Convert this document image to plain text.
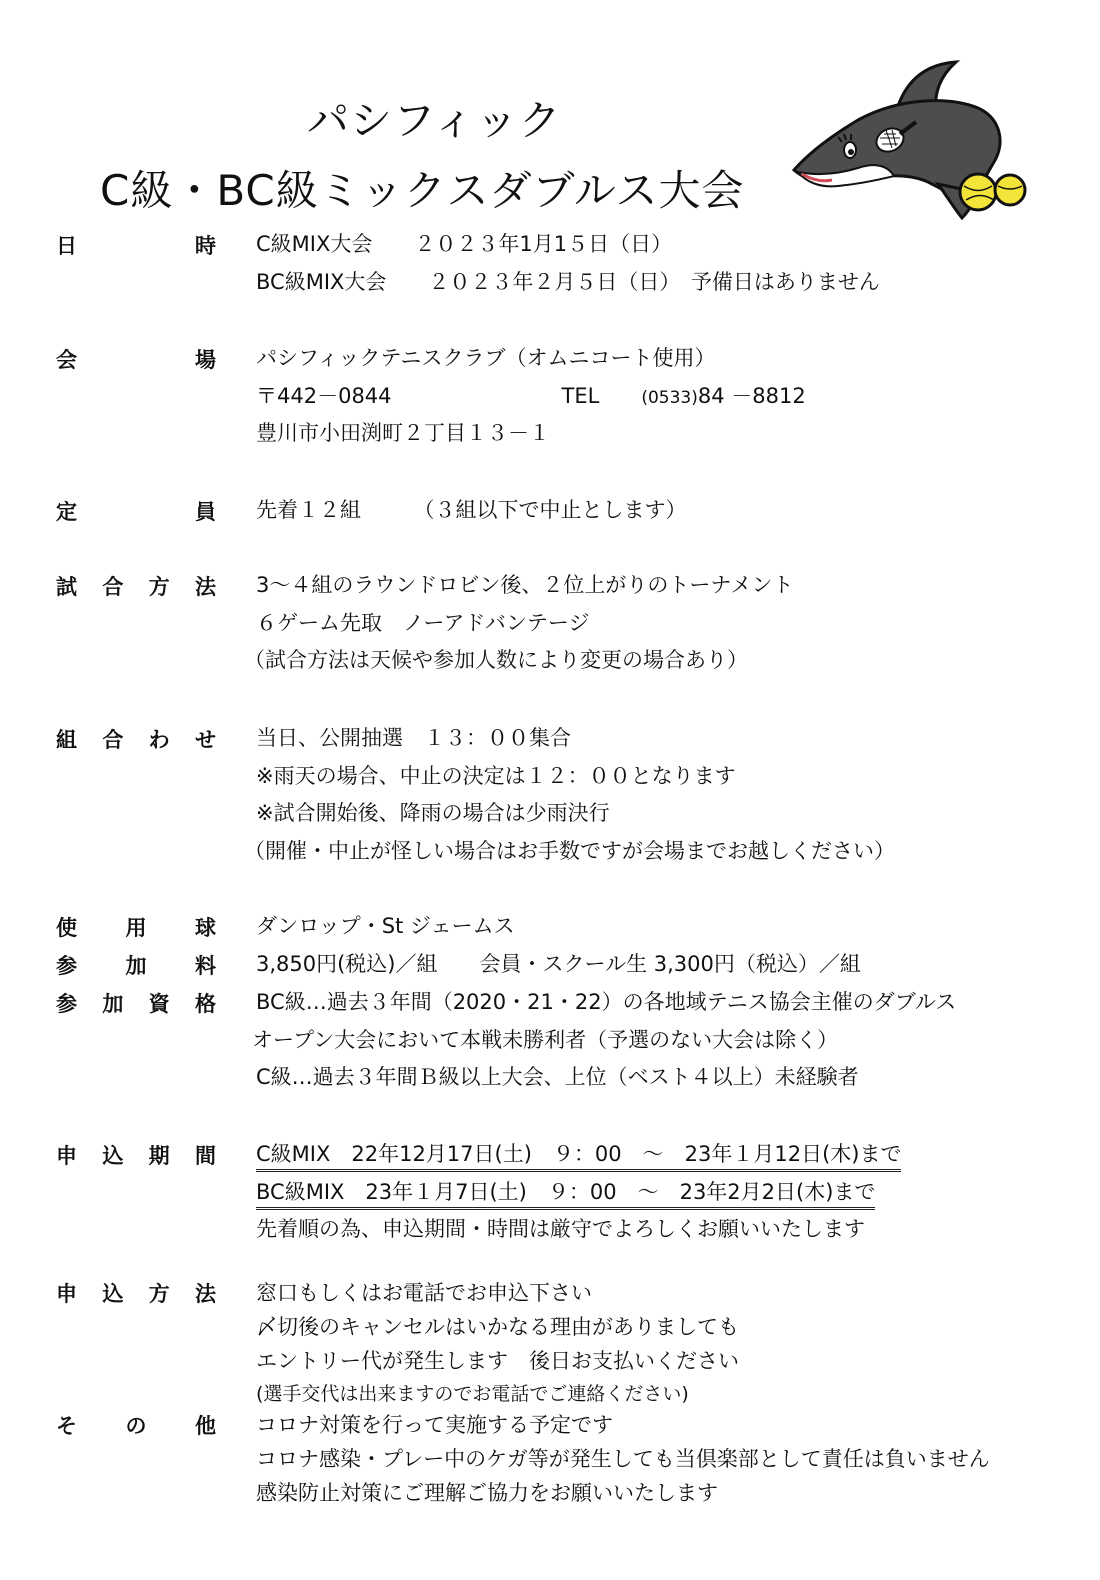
パシフィック
C級・BC級ミックスダブルス大会
日時 C級MIX大会　　２０２３年1月1５日（日）
BC級MIX大会　　２０２３年２月５日（日）　予備日はありません
会場 パシフィックテニスクラブ（オムニコート使用）
〒442－0844	TEL (0533)84 －8812
豊川市小田渕町２丁目１３－１
定員 先着１２組　　　（３組以下で中止とします）
試合方法 3～４組のラウンドロビン後、２位上がりのトーナメント
６ゲーム先取　ノーアドバンテージ
（試合方法は天候や参加人数により変更の場合あり）
組合わせ 当日、公開抽選　１３：００集合
※雨天の場合、中止の決定は１２：００となります
※試合開始後、降雨の場合は少雨決行
（開催・中止が怪しい場合はお手数ですが会場までお越しください）
使用球 ダンロップ・St ジェームス
参加料 3,850円(税込)／組　　会員・スクール生 3,300円（税込）／組
参加資格 BC級…過去３年間（2020・21・22）の各地域テニス協会主催のダブルス
オープン大会において本戦未勝利者（予選のない大会は除く）
C級…過去３年間Ｂ級以上大会、上位（ベスト４以上）未経験者
申込期間 C級MIX　22年12月17日(土)　９：00　～　23年１月12日(木)まで
BC級MIX　23年１月7日(土)　９：00　～　23年2月2日(木)まで
先着順の為、申込期間・時間は厳守でよろしくお願いいたします
申込方法 窓口もしくはお電話でお申込下さい
〆切後のキャンセルはいかなる理由がありましても
エントリー代が発生します　後日お支払いください
(選手交代は出来ますのでお電話でご連絡ください)
その他 コロナ対策を行って実施する予定です
コロナ感染・プレー中のケガ等が発生しても当倶楽部として責任は負いません
感染防止対策にご理解ご協力をお願いいたします
